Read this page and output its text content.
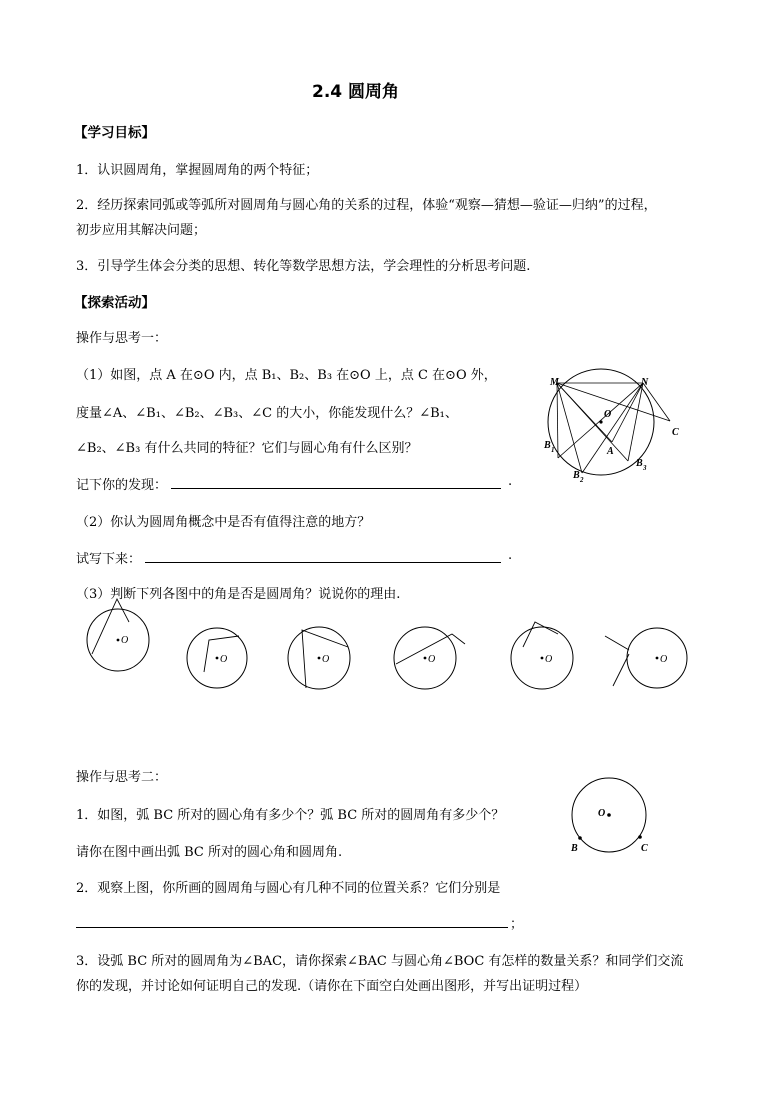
2.4 圆周角
【学习目标】
1．认识圆周角，掌握圆周角的两个特征；
2．经历探索同弧或等弧所对圆周角与圆心角的关系的过程，体验“观察—猜想—验证—归纳”的过程，
初步应用其解决问题；
3．引导学生体会分类的思想、转化等数学思想方法，学会理性的分析思考问题.
【探索活动】
操作与思考一：
（1）如图，点 A 在⊙O 内，点 B₁、B₂、B₃ 在⊙O 上，点 C 在⊙O 外，
度量∠A、∠B₁、∠B₂、∠B₃、∠C 的大小，你能发现什么？∠B₁、
∠B₂、∠B₃ 有什么共同的特征？它们与圆心角有什么区别？
记下你的发现：	.
（2）你认为圆周角概念中是否有值得注意的地方？
试写下来：	.
（3）判断下列各图中的角是否是圆周角？说说你的理由.
M	N
O
C
A
B 1
B 2
B 3
O
O	O	O	O	O
操作与思考二：
1．如图，弧 BC 所对的圆心角有多少个？弧 BC 所对的圆周角有多少个？
请你在图中画出弧 BC 所对的圆心角和圆周角.
O
B	C
2．观察上图，你所画的圆周角与圆心有几种不同的位置关系？它们分别是
；
3．设弧 BC 所对的圆周角为∠BAC，请你探索∠BAC 与圆心角∠BOC 有怎样的数量关系？和同学们交流
你的发现，并讨论如何证明自己的发现.（请你在下面空白处画出图形，并写出证明过程）
